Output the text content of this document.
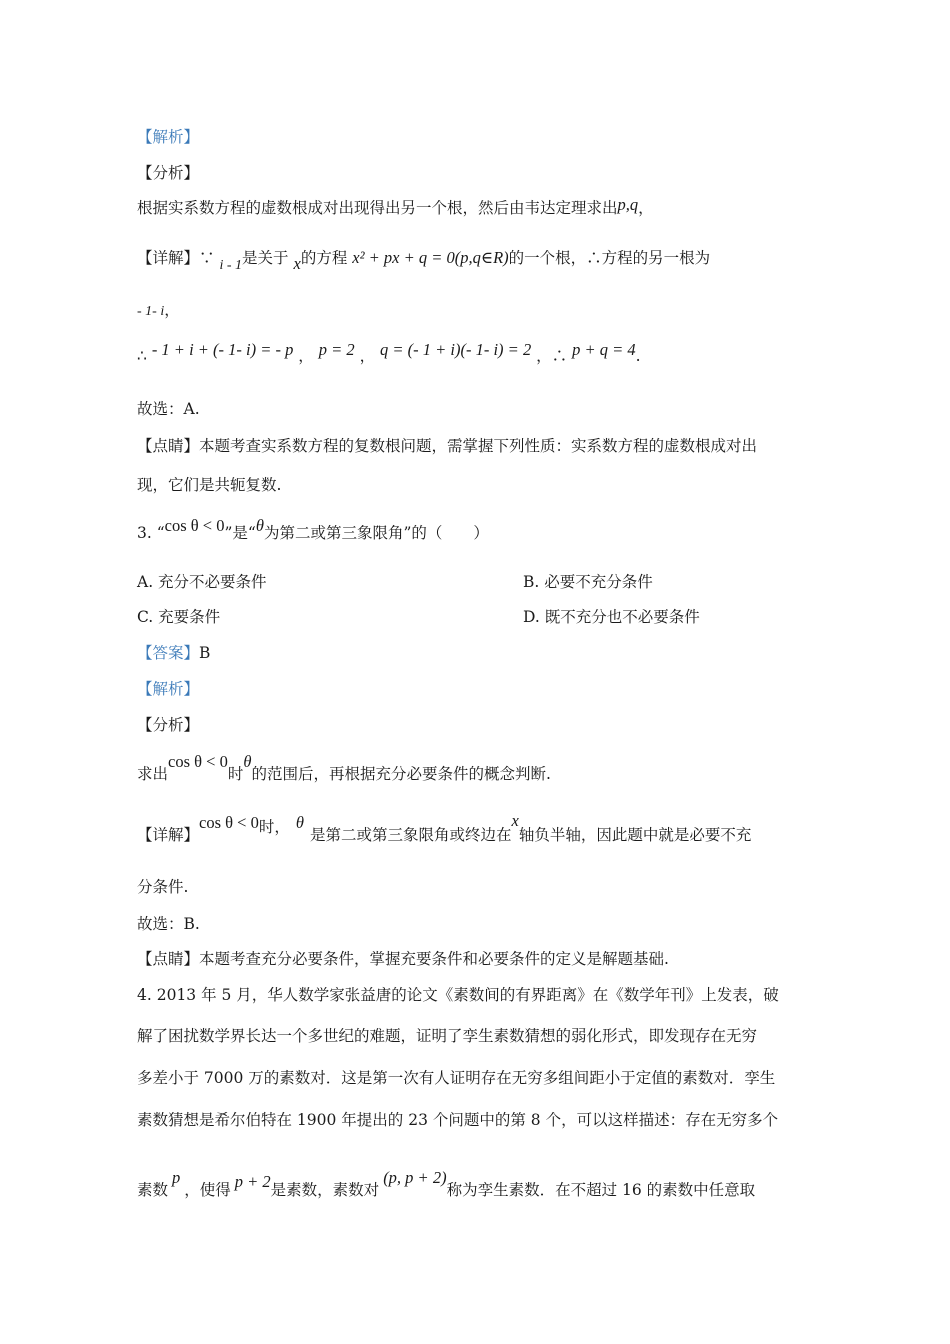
【解析】
【分析】
根据实系数方程的虚数根成对出现得出另一个根，然后由韦达定理求出p,q，
【详解】∵ i - 1是关于 x的方程 x² + px + q = 0(p,q∈R)的一个根，∴方程的另一根为
- 1- i，
∴ - 1 + i + (- 1- i) = - p ， p = 2 ， q = (- 1 + i)(- 1- i) = 2 ，∴ p + q = 4.
故选：A.
【点睛】本题考查实系数方程的复数根问题，需掌握下列性质：实系数方程的虚数根成对出
现，它们是共轭复数.
3. “cos θ < 0”是“θ为第二或第三象限角”的（　　）
A. 充分不必要条件	B. 必要不充分条件
C. 充要条件	D. 既不充分也不必要条件
【答案】B
【解析】
【分析】
求出cos θ < 0时θ的范围后，再根据充分必要条件的概念判断.
【详解】cos θ < 0时， θ是第二或第三象限角或终边在x轴负半轴，因此题中就是必要不充
分条件.
故选：B.
【点睛】本题考查充分必要条件，掌握充要条件和必要条件的定义是解题基础.
4. 2013 年 5 月，华人数学家张益唐的论文《素数间的有界距离》在《数学年刊》上发表，破
解了困扰数学界长达一个多世纪的难题，证明了孪生素数猜想的弱化形式，即发现存在无穷
多差小于 7000 万的素数对．这是第一次有人证明存在无穷多组间距小于定值的素数对．孪生
素数猜想是希尔伯特在 1900 年提出的 23 个问题中的第 8 个，可以这样描述：存在无穷多个
素数p，使得 p + 2是素数，素数对(p, p + 2)称为孪生素数．在不超过 16 的素数中任意取
